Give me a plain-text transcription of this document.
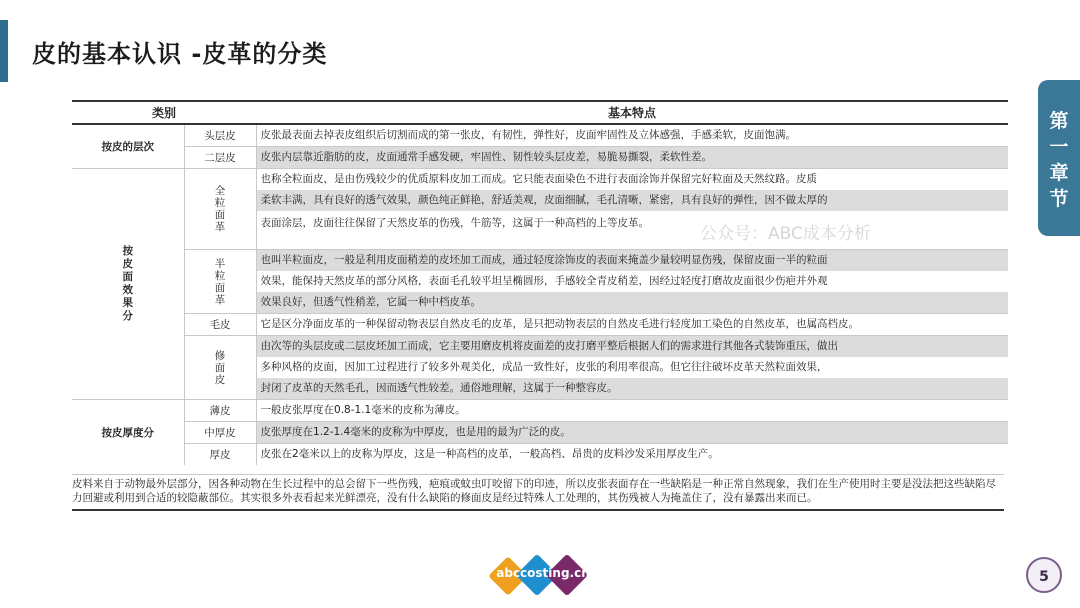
皮的基本认识 -皮革的分类
第
一
章
节
类别		基本特点
按皮的层次	头层皮	皮张最表面去掉表皮组织后切割而成的第一张皮，有韧性，弹性好，皮面牢固性及立体感强，手感柔软，皮面饱满。

	二层皮	皮张内层靠近脂肪的皮，皮面通常手感发硬，牢固性、韧性较头层皮差，易脆易撕裂，柔软性差。

按皮面效果分	全粒面革	也称全粒面皮，是由伤残较少的优质原料皮加工而成。它只能表面染色不进行表面涂饰并保留完好粒面及天然纹路。皮质
柔软丰满，具有良好的透气效果，颜色纯正鲜艳，舒适美观，皮面细腻，毛孔清晰，紧密，具有良好的弹性，因不做太厚的
表面涂层，皮面往往保留了天然皮革的伤残，牛筋等，这属于一种高档的上等皮革。

	半粒面革	也叫半粒面皮，一般是利用皮面稍差的皮坯加工而成，通过轻度涂饰皮的表面来掩盖少量较明显伤残，保留皮面一半的粒面
效果，能保持天然皮革的部分风格，表面毛孔较平坦呈椭圆形，手感较全青皮稍差，因经过轻度打磨故皮面很少伤疤并外观
效果良好，但透气性稍差，它属一种中档皮革。

	毛皮	它是区分净面皮革的一种保留动物表层自然皮毛的皮革，是只把动物表层的自然皮毛进行轻度加工染色的自然皮革，也属高档皮。

	修面皮	由次等的头层皮或二层皮坯加工而成，它主要用磨皮机将皮面差的皮打磨平整后根据人们的需求进行其他各式装饰重压，做出
多种风格的皮面，因加工过程进行了较多外观美化，成品一致性好，皮张的利用率很高。但它往往破坏皮革天然粒面效果，
封闭了皮革的天然毛孔，因而透气性较差。通俗地理解，这属于一种整容皮。

按皮厚度分	薄皮	一般皮张厚度在0.8-1.1毫米的皮称为薄皮。

	中厚皮	皮张厚度在1.2-1.4毫米的皮称为中厚皮，也是用的最为广泛的皮。

	厚皮	皮张在2毫米以上的皮称为厚皮，这是一种高档的皮革，一般高档、昂贵的皮料沙发采用厚皮生产。
皮料来自于动物最外层部分，因各种动物在生长过程中的总会留下一些伤残，疤痕或蚊虫叮咬留下的印迹，所以皮张表面存在一些缺陷是一种正常自然现象，我们在生产使用时主要是没法把这些缺陷尽力回避或利用到合适的较隐蔽部位。其实很多外表看起来光鲜漂亮，没有什么缺陷的修面皮是经过特殊人工处理的，其伤残被人为掩盖住了，没有暴露出来而已。
公众号：ABC成本分析
abccosting.cn	5
